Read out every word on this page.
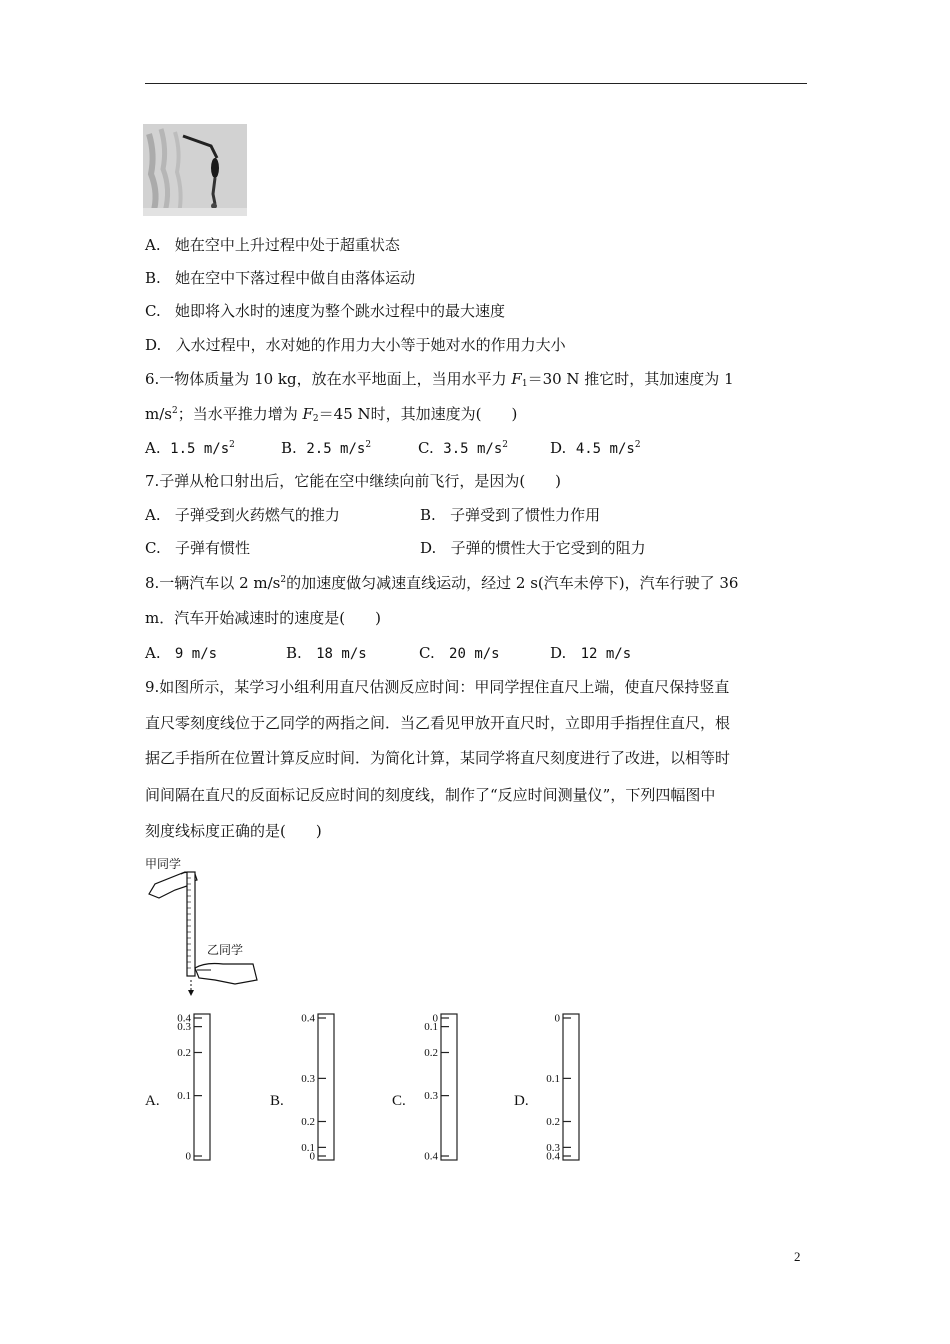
A. 她在空中上升过程中处于超重状态
B. 她在空中下落过程中做自由落体运动
C. 她即将入水时的速度为整个跳水过程中的最大速度
D. 入水过程中，水对她的作用力大小等于她对水的作用力大小
6.一物体质量为 10 kg，放在水平地面上，当用水平力 $F_1=30$ N 推它时，其加速度为 1
$m/s^2$；当水平推力增为 $F_2=45$ N时，其加速度为(　　)
A. 1.5 $m/s^2$	B. 2.5 $m/s^2$	C. 3.5 $m/s^2$	D. 4.5 $m/s^2$
7.子弹从枪口射出后，它能在空中继续向前飞行，是因为(　　)
A. 子弹受到火药燃气的推力	B. 子弹受到了惯性力作用
C. 子弹有惯性	D. 子弹的惯性大于它受到的阻力
8.一辆汽车以 2 $m/s^2$的加速度做匀减速直线运动，经过 2 s(汽车未停下)，汽车行驶了 36
m．汽车开始减速时的速度是(　　)
A. 9 m/s	B. 18 m/s	C. 20 m/s	D. 12 m/s
9.如图所示，某学习小组利用直尺估测反应时间：甲同学捏住直尺上端，使直尺保持竖直
直尺零刻度线位于乙同学的两指之间．当乙看见甲放开直尺时，立即用手指捏住直尺，根
据乙手指所在位置计算反应时间．为简化计算，某同学将直尺刻度进行了改进，以相等时
间间隔在直尺的反面标记反应时间的刻度线，制作了“反应时间测量仪”，下列四幅图中
刻度线标度正确的是(　　)
甲同学
乙同学
A.
0.4
0.3
0.2
0.1
0
B.
0.4
0.3
0.2
0.1
0
C.
0
0.1
0.2
0.3
0.4
D.
0
0.1
0.2
0.3
0.4
2
